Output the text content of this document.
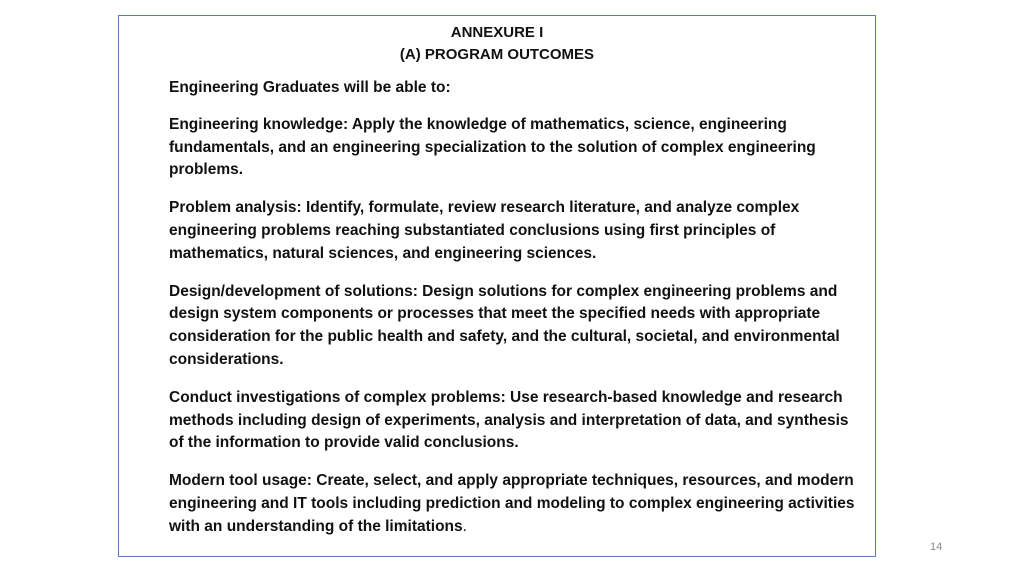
ANNEXURE I
(A) PROGRAM OUTCOMES

Engineering Graduates will be able to:

Engineering knowledge: Apply the knowledge of mathematics, science, engineering fundamentals, and an engineering specialization to the solution of complex engineering problems.

Problem analysis: Identify, formulate, review research literature, and analyze complex engineering problems reaching substantiated conclusions using first principles of mathematics, natural sciences, and engineering sciences.

Design/development of solutions: Design solutions for complex engineering problems and design system components or processes that meet the specified needs with appropriate consideration for the public health and safety, and the cultural, societal, and environmental considerations.

Conduct investigations of complex problems: Use research-based knowledge and research methods including design of experiments, analysis and interpretation of data, and synthesis of the information to provide valid conclusions.

Modern tool usage: Create, select, and apply appropriate techniques, resources, and modern engineering and IT tools including prediction and modeling to complex engineering activities with an understanding of the limitations.

14
